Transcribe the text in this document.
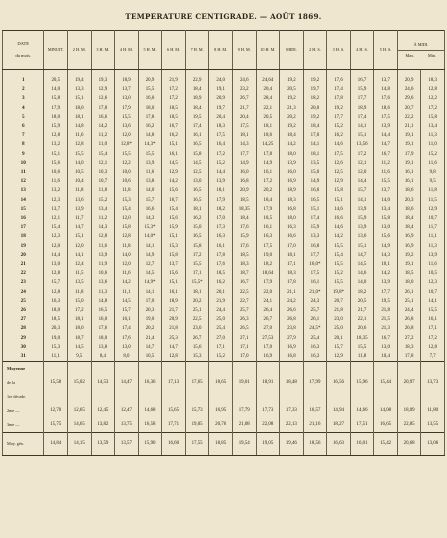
TEMPERATURE CENTIGRADE. — AOÛT 1869.
DATE

du mois.	MINUIT.	2 H. M.	3 H. M.	4 H. M.	5 H. M.	6 H. M.	7 H. M.	8 H. M.	9 H. M.	10 H. M.	MIDI.	2 H. S.	3 H. S.	4 H. S.	5 H. S.	À MIDI.
Max. Min.	

1	20,5	19,4	19,3	18,9	20,9	21,9	22,9	24,0	24,6	24,64	19,2	19,2	17,6	16,7	13,7	20,9	18,3
2	14,0	13,3	12,9	13,7	15,5	17,2	18,4	19,1	23,2	20,4	20,5	19,7	17,4	15,9	14,8	24,6	12,8
3	15,8	15,1	12,6	13,0	16,0	17,2	18,9	20,9	26,7	28,4	19,2	18,2	17,8	17,7	17,6	29,6	12,2
4	17,9	18,0	17,8	17,9	18,0	18,5	18,4	19,7	21,7	22,1	21,3	20,0	19,2	18,9	18,6	20,7	17,2
5	18,0	18,1	16,6	15,5	17,8	18,5	19,5	20,4	20,4	20,5	20,2	19,2	17,7	17,4	17,5	22,2	15,8
6	15,9	14,8	14,2	13,6	16,2	16,7	17,4	18,3	17,5	18,1	19,2	18,4	15,2	14,1	13,9	21,1	13,4
7	12,8	11,6	11,2	12,0	14,8	16,2	16,1	17,5	18,1	18,6	18,4	17,0	16,2	15,1	14,4	19,1	11,3
8	13,2	12,8	11,0	12,8*	14,3*	15,1	16,5	16,4	14,3	14,25	14,2	14,1	14,6	13,56	14,7	19,1	11,0
9	15,1	15,5	15,4	15,5	15,5	16,1	15,8	17,2	17,7	17,8	18,0	18,1	17,5	17,2	16,7	17,9	15,2
10	15,6	14,0	12,1	12,2	13,9	14,5	14,5	15,2	14,9	14,9	13,9	13,5	12,6	12,1	11,2	19,1	11,6
11	10,6	10,5	10,3	10,0	11,6	12,9	12,5	14,4	16,0	16,1	16,0	15,0	12,5	12,0	11,6	16,1	9,8
12	11,6	10,4	10,7	10,6	13,8	14,2	13,0	13,9	16,8	17,2	16,9	14,9	12,9	14,4	15,5	16,1	9,5
13	13,2	11,8	11,8	11,8	14,0	15,6	16,5	18,1	20,9	20,2	18,9	16,6	15,8	15,7	13,7	18,6	11,8
14	12,3	13,6	15,2	15,3	15,7	16,7	16,5	17,9	18,5	18,4	18,3	16,5	15,1	14,1	14,0	20,3	11,5
15	13,7	13,9	13,4	15,4	16,6	15,4	18,1	18,2	18,35	17,9	16,8	15,1	14,6	13,9	13,4	18,6	12,9
16	12,1	11,7	11,2	12,0	14,3	15,6	16,2	17,0	18,4	18,5	18,0	17,4	16,6	15,9	15,8	18,4	10,7
17	15,4	14,7	14,3	15,8	15,3*	15,9	15,0	17,3	17,6	16,1	16,3	15,9	14,6	13,9	13,0	18,4	11,7
18	12,3	15,1	12,8	12,8	14,0*	15,1	16,5	16,3	15,9	16,3	16,6	13,3	14,2	13,6	15,6	16,9	11,1
19	12,0	12,0	11,6	11,8	14,1	15,3	15,8	16,1	17,6	17,5	17,0	16,8	15,5	15,1	14,9	16,9	11,3
20	14,4	14,1	13,9	14,0	14,9	15,8	17,2	17,8	18,5	19,0	18,1	17,7	15,4	14,7	14,3	19,2	13,9
21	13,0	12,4	11,9	12,0	12,7	13,7	15,5	17,6	18,3	18,2	17,1	16,0*	15,5	14,5	10,1	19,1	11,6
22	12,8	11,5	10,6	11,6	14,5	15,6	17,1	18,5	18,7	18,64	18,3	17,5	15,2	14,6	14,2	18,5	10,5
23	15,7	13,5	13,6	14,2	14,9*	15,1	15,5*	16,2	16,7	17,9	17,8	16,1	15,5	14,0	13,9	18,0	12,3
24	12,8	11,8	11,3	11,1	14,1	16,1	18,1	20,1	22,5	22,0	21,1	21,0*	19,8*	18,2	17,7	26,1	10,7
25	16,3	15,0	14,8	14,5	17,0	18,9	20,2	21,9	22,7	24,1	24,2	24,3	20,7	20,5	19,5	25,1	14,1
26	18,0	17,2	16,5	15,7	20,3	21,7	25,1	24,4	25,7	26,4	26,6	25,7	21,8	21,7	21,8	24,4	15,5
27	18,5	18,1	16,0	16,1	19,0	20,9	22,5	25,0	26,3	26,7	26,8	26,1	23,0	22,1	21,5	26,8	16,1
28	20,3	18,0	17,6	17,4	20,2	21,8	23,0	25,4	26,5	27,0	23,8	24,5*	25,0	20,6	21,3	26,8	17,1
29	19,0	18,7	18,0	17,6	21,4	25,3	26,7	27,0	27,1	27,53	27,9	25,4	20,1	18,35	16,7	27,2	17,2
30	15,3	14,5	13,8	13,0	14,7	14,7	15,6	17,1	17,1	17,0	16,9	16,3	15,7	15,5	13,0	18,3	12,8
31	11,1	9,5	8,4	8,0	10,5	12,8	15,3	15,2	17,0	16,9	16,8	16,3	12,9	11,8	10,4	17,8	7,7

Moyenne
de la
1re décade.	15,58	15,02	14,53	14,47	16,36	17,13	17,65	18,65	19,01	18,91	18,48	17,99	16,56	15,96	15,44	20,97	13,73
2me —	12,70	12,65	12,45	12,47	14,68	15,65	15,73	16,95	17,79	17,73	17,33	16,57	14,94	14,66	14,08	18,09	11,80
3me —	15,75	14,65	13,82	13,75	16,58	17,71	19,05	20,76	21,08	22,08	22,13	21,16	18,27	17,51	16,65	22,85	13,55
Moy. gén.	14,84	14,15	13,59	13,57	15,90	16,60	17,55	18,85	19,54	19,05	19,46	18,56	16,63	16,01	15,42	20,68	13,06
